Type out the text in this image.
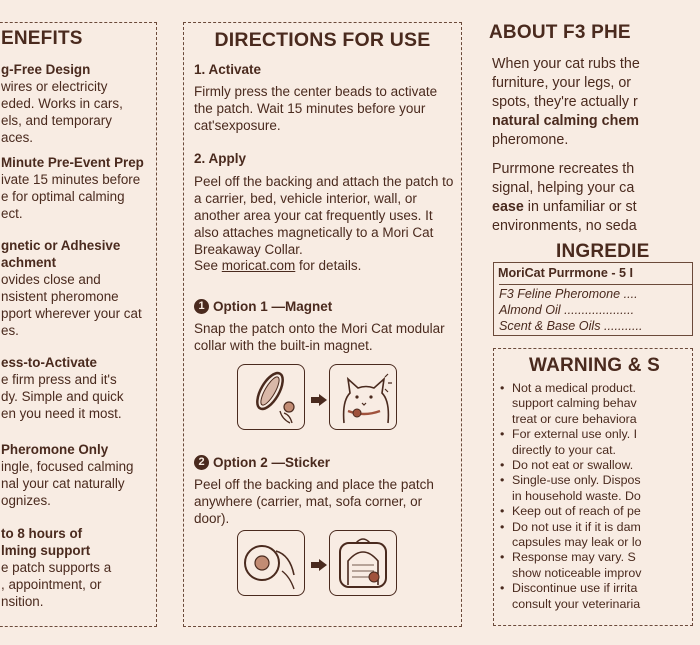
ENEFITS
g-Free Design
wires or electricity
eded. Works in cars,
els, and temporary
aces.
Minute Pre-Event Prep
ivate 15 minutes before
e for optimal calming
ect.
gnetic or Adhesive
achment
ovides close and
nsistent pheromone
pport wherever your cat
es.
ess-to-Activate
e firm press and it's
dy. Simple and quick
en you need it most.
Pheromone Only
ingle, focused calming
nal your cat naturally
ognizes.
to 8 hours of
lming support
e patch supports a
, appointment, or
nsition.
DIRECTIONS FOR USE
1. Activate
Firmly press the center beads to activate the patch. Wait 15 minutes before your cat'sexposure.
2. Apply
Peel off the backing and attach the patch to a carrier, bed, vehicle interior, wall, or another area your cat frequently uses. It also attaches magnetically to a Mori Cat Breakaway Collar.
See moricat.com for details.
1 Option 1 —Magnet
Snap the patch onto the Mori Cat modular collar with the built-in magnet.
2 Option 2 —Sticker
Peel off the backing and place the patch anywhere (carrier, mat, sofa corner, or door).
ABOUT F3 PHE
When your cat rubs the
furniture, your legs, or
spots, they're actually r
natural calming chem
pheromone.
Purrmone recreates th
signal, helping your ca
ease in unfamiliar or st
environments, no seda
INGREDIE
MoriCat Purrmone - 5 I
F3 Feline Pheromone ....
Almond Oil ....................
Scent & Base Oils ...........
WARNING & S
• Not a medical product.
support calming behav
treat or cure behaviora
• For external use only. I
directly to your cat.
• Do not eat or swallow.
• Single-use only. Dispos
in household waste. Do
• Keep out of reach of pe
• Do not use it if it is dam
capsules may leak or lo
• Response may vary. S
show noticeable improv
• Discontinue use if irrita
consult your veterinaria
